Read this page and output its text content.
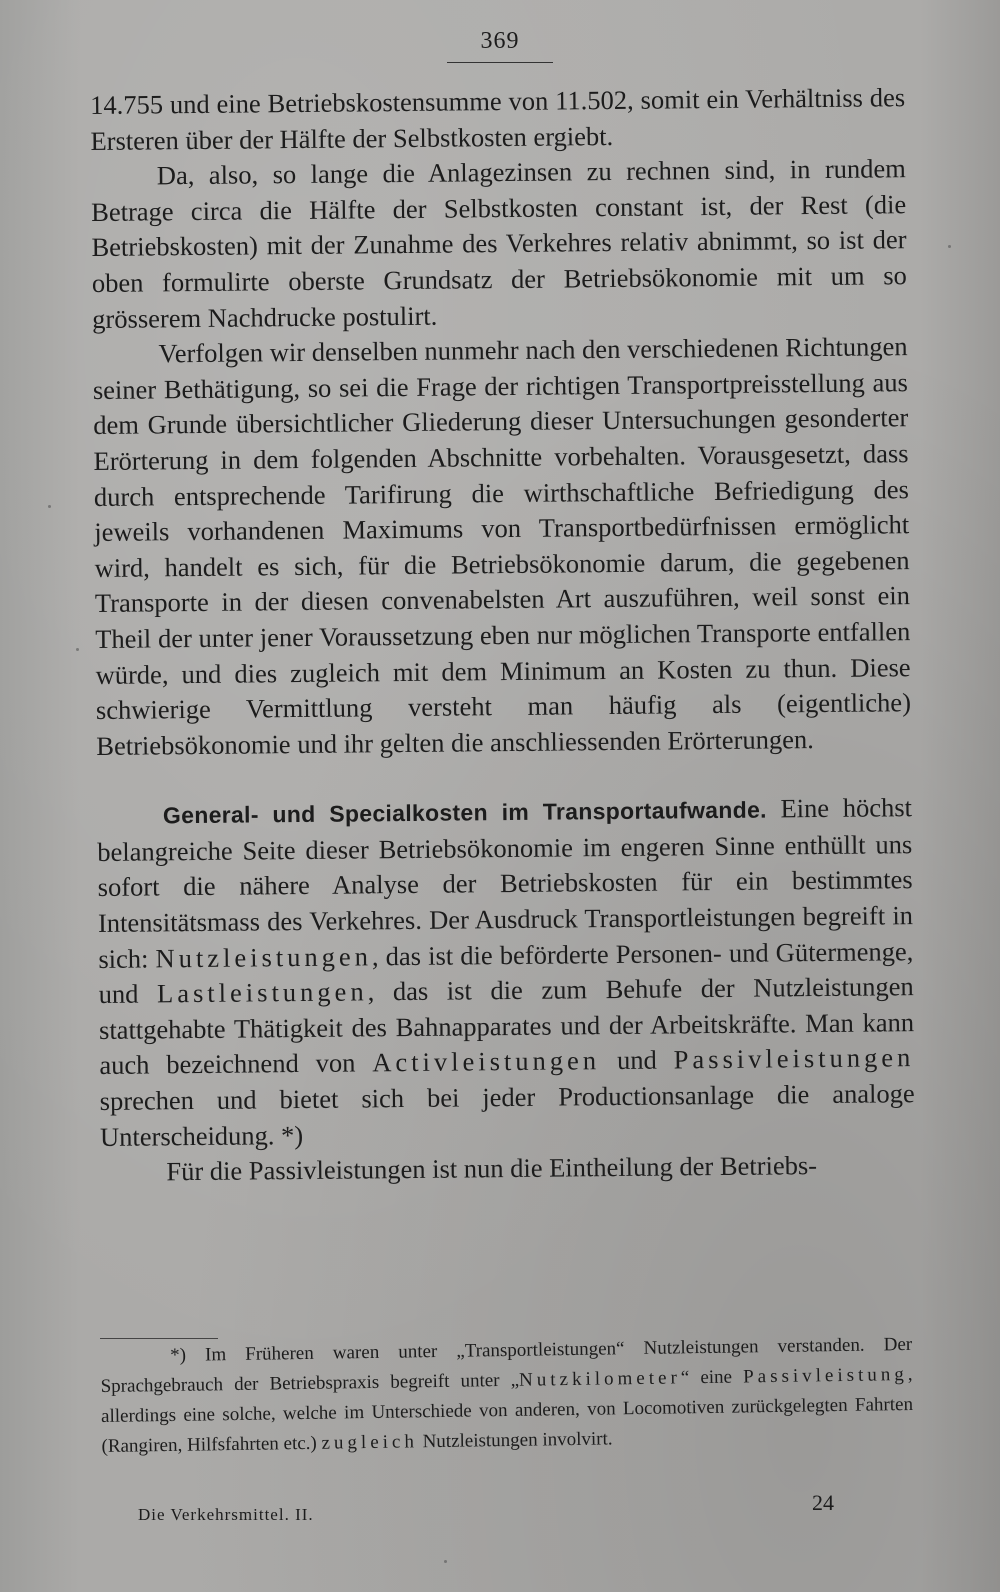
369

14.755 und eine Betriebskostensumme von 11.502, somit ein Verhältniss des Ersteren über der Hälfte der Selbstkosten ergiebt.

Da, also, so lange die Anlagezinsen zu rechnen sind, in rundem Betrage circa die Hälfte der Selbstkosten constant ist, der Rest (die Betriebskosten) mit der Zunahme des Verkehres relativ abnimmt, so ist der oben formulirte oberste Grundsatz der Betriebsökonomie mit um so grösserem Nachdrucke postulirt.

Verfolgen wir denselben nunmehr nach den verschiedenen Richtungen seiner Bethätigung, so sei die Frage der richtigen Transportpreisstellung aus dem Grunde übersichtlicher Gliederung dieser Untersuchungen gesonderter Erörterung in dem folgenden Abschnitte vorbehalten. Vorausgesetzt, dass durch entsprechende Tarifirung die wirthschaftliche Befriedigung des jeweils vorhandenen Maximums von Transportbedürfnissen ermöglicht wird, handelt es sich, für die Betriebsökonomie darum, die gegebenen Transporte in der diesen convenabelsten Art auszuführen, weil sonst ein Theil der unter jener Voraussetzung eben nur möglichen Transporte entfallen würde, und dies zugleich mit dem Minimum an Kosten zu thun. Diese schwierige Vermittlung versteht man häufig als (eigentliche) Betriebsökonomie und ihr gelten die anschliessenden Erörterungen.

General- und Specialkosten im Transportaufwande. Eine höchst belangreiche Seite dieser Betriebsökonomie im engeren Sinne enthüllt uns sofort die nähere Analyse der Betriebskosten für ein bestimmtes Intensitätsmass des Verkehres. Der Ausdruck Transportleistungen begreift in sich: Nutzleistungen, das ist die beförderte Personen- und Gütermenge, und Lastleistungen, das ist die zum Behufe der Nutzleistungen stattgehabte Thätigkeit des Bahnapparates und der Arbeitskräfte. Man kann auch bezeichnend von Activleistungen und Passivleistungen sprechen und bietet sich bei jeder Productionsanlage die analoge Unterscheidung. *)

Für die Passivleistungen ist nun die Eintheilung der Betriebs-

*) Im Früheren waren unter „Transportleistungen“ Nutzleistungen verstanden. Der Sprachgebrauch der Betriebspraxis begreift unter „Nutzkilometer“ eine Passivleistung, allerdings eine solche, welche im Unterschiede von anderen, von Locomotiven zurückgelegten Fahrten (Rangiren, Hilfsfahrten etc.) zugleich Nutzleistungen involvirt.

Die Verkehrsmittel. II.	24
